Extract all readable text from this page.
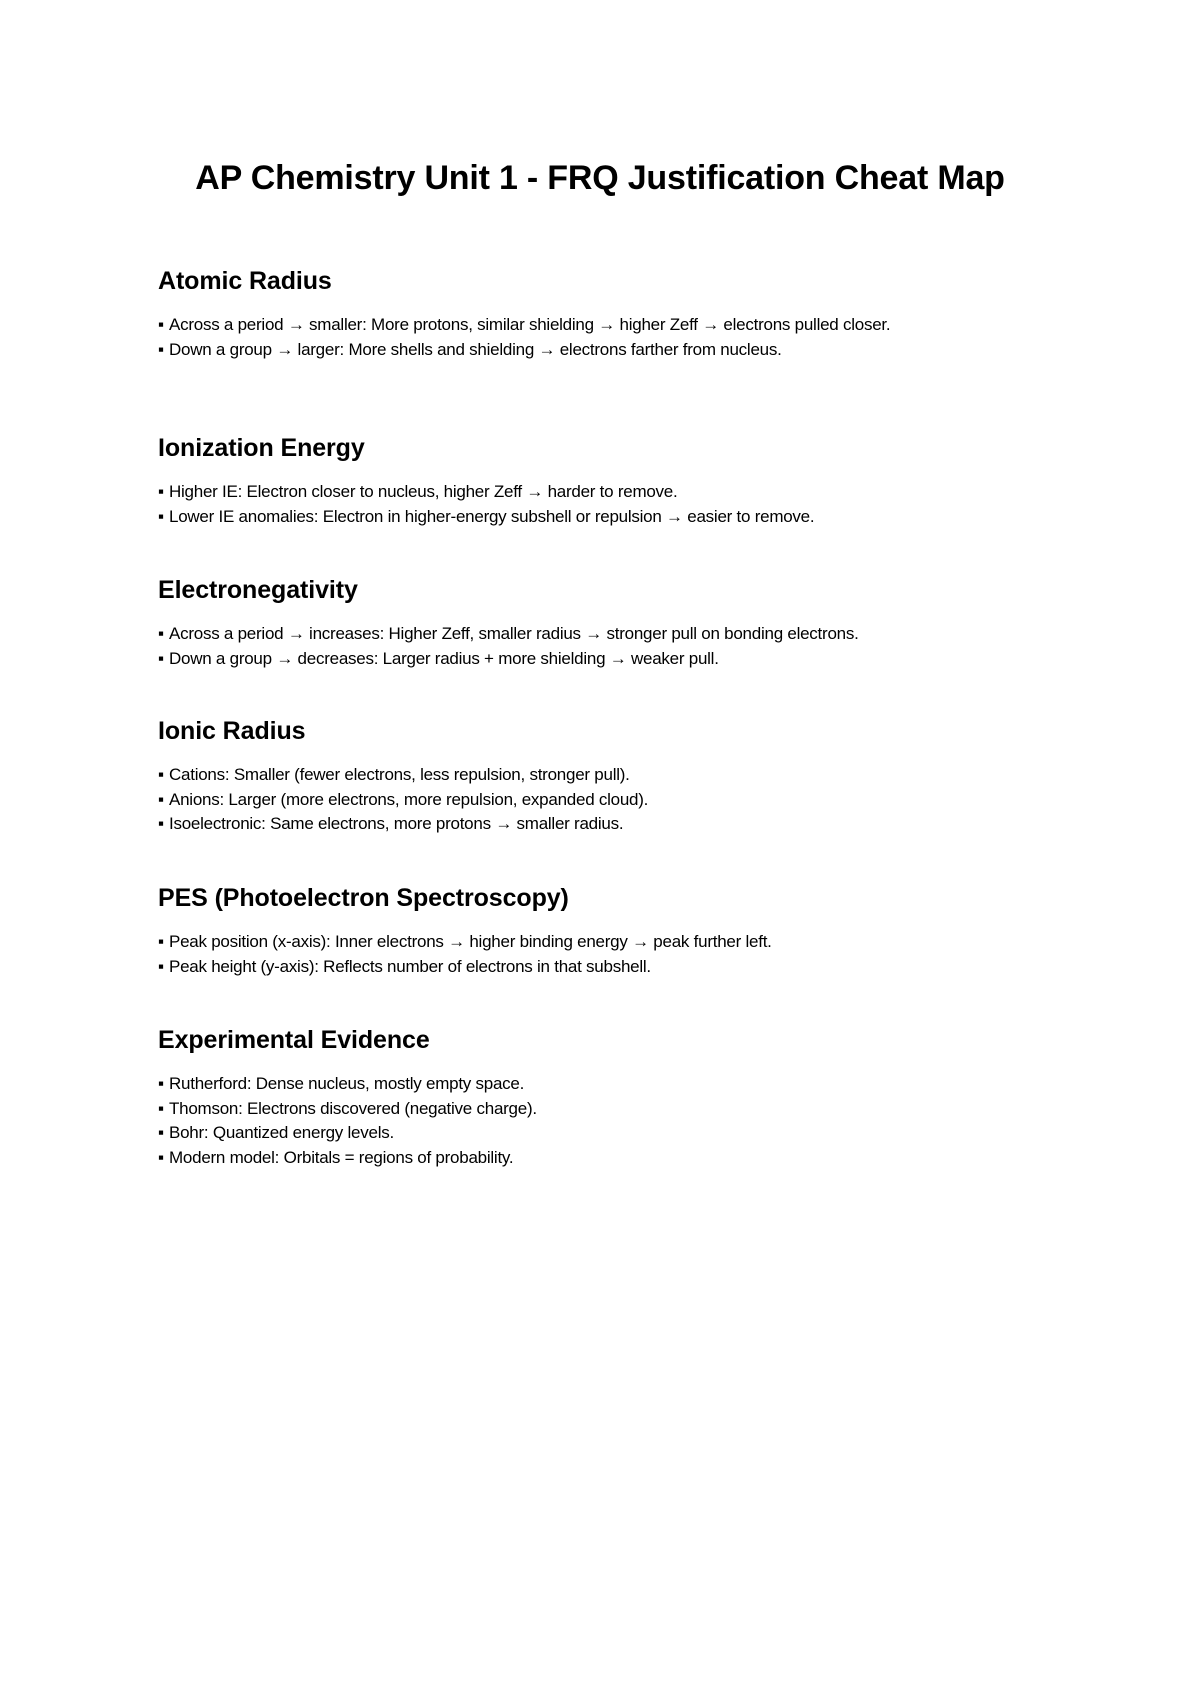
AP Chemistry Unit 1 - FRQ Justification Cheat Map
Atomic Radius
▪ Across a period → smaller: More protons, similar shielding → higher Zeff → electrons pulled closer.
▪ Down a group → larger: More shells and shielding → electrons farther from nucleus.
Ionization Energy
▪ Higher IE: Electron closer to nucleus, higher Zeff → harder to remove.
▪ Lower IE anomalies: Electron in higher-energy subshell or repulsion → easier to remove.
Electronegativity
▪ Across a period → increases: Higher Zeff, smaller radius → stronger pull on bonding electrons.
▪ Down a group → decreases: Larger radius + more shielding → weaker pull.
Ionic Radius
▪ Cations: Smaller (fewer electrons, less repulsion, stronger pull).
▪ Anions: Larger (more electrons, more repulsion, expanded cloud).
▪ Isoelectronic: Same electrons, more protons → smaller radius.
PES (Photoelectron Spectroscopy)
▪ Peak position (x-axis): Inner electrons → higher binding energy → peak further left.
▪ Peak height (y-axis): Reflects number of electrons in that subshell.
Experimental Evidence
▪ Rutherford: Dense nucleus, mostly empty space.
▪ Thomson: Electrons discovered (negative charge).
▪ Bohr: Quantized energy levels.
▪ Modern model: Orbitals = regions of probability.
